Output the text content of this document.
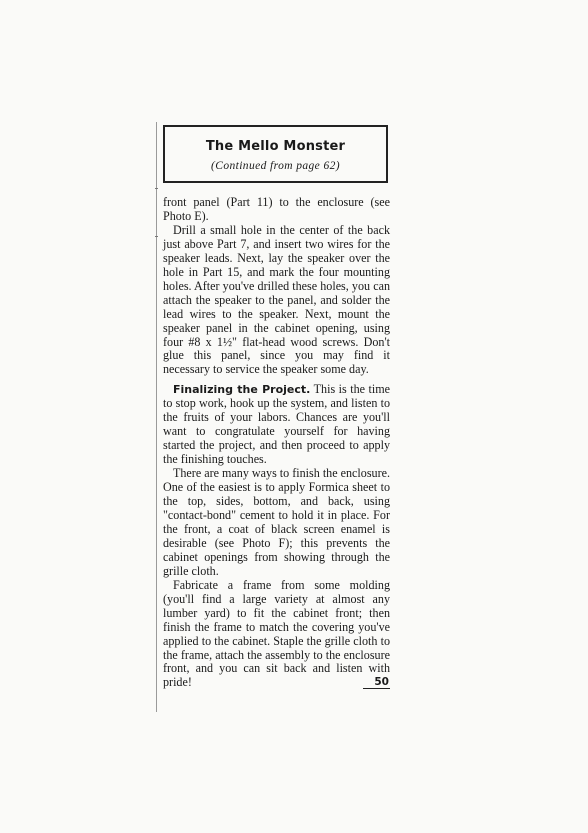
The Mello Monster
(Continued from page 62)

front panel (Part 11) to the enclosure (see Photo E).

Drill a small hole in the center of the back just above Part 7, and insert two wires for the speaker leads. Next, lay the speaker over the hole in Part 15, and mark the four mounting holes. After you've drilled these holes, you can attach the speaker to the panel, and solder the lead wires to the speaker. Next, mount the speaker panel in the cabinet opening, using four #8 x 1½" flat-head wood screws. Don't glue this panel, since you may find it necessary to service the speaker some day.

Finalizing the Project. This is the time to stop work, hook up the system, and listen to the fruits of your labors. Chances are you'll want to congratulate yourself for having started the project, and then proceed to apply the finishing touches.

There are many ways to finish the enclosure. One of the easiest is to apply Formica sheet to the top, sides, bottom, and back, using "contact-bond" cement to hold it in place. For the front, a coat of black screen enamel is desirable (see Photo F); this prevents the cabinet openings from showing through the grille cloth.

Fabricate a frame from some molding (you'll find a large variety at almost any lumber yard) to fit the cabinet front; then finish the frame to match the covering you've applied to the cabinet. Staple the grille cloth to the frame, attach the assembly to the enclosure front, and you can sit back and listen with pride!	50
